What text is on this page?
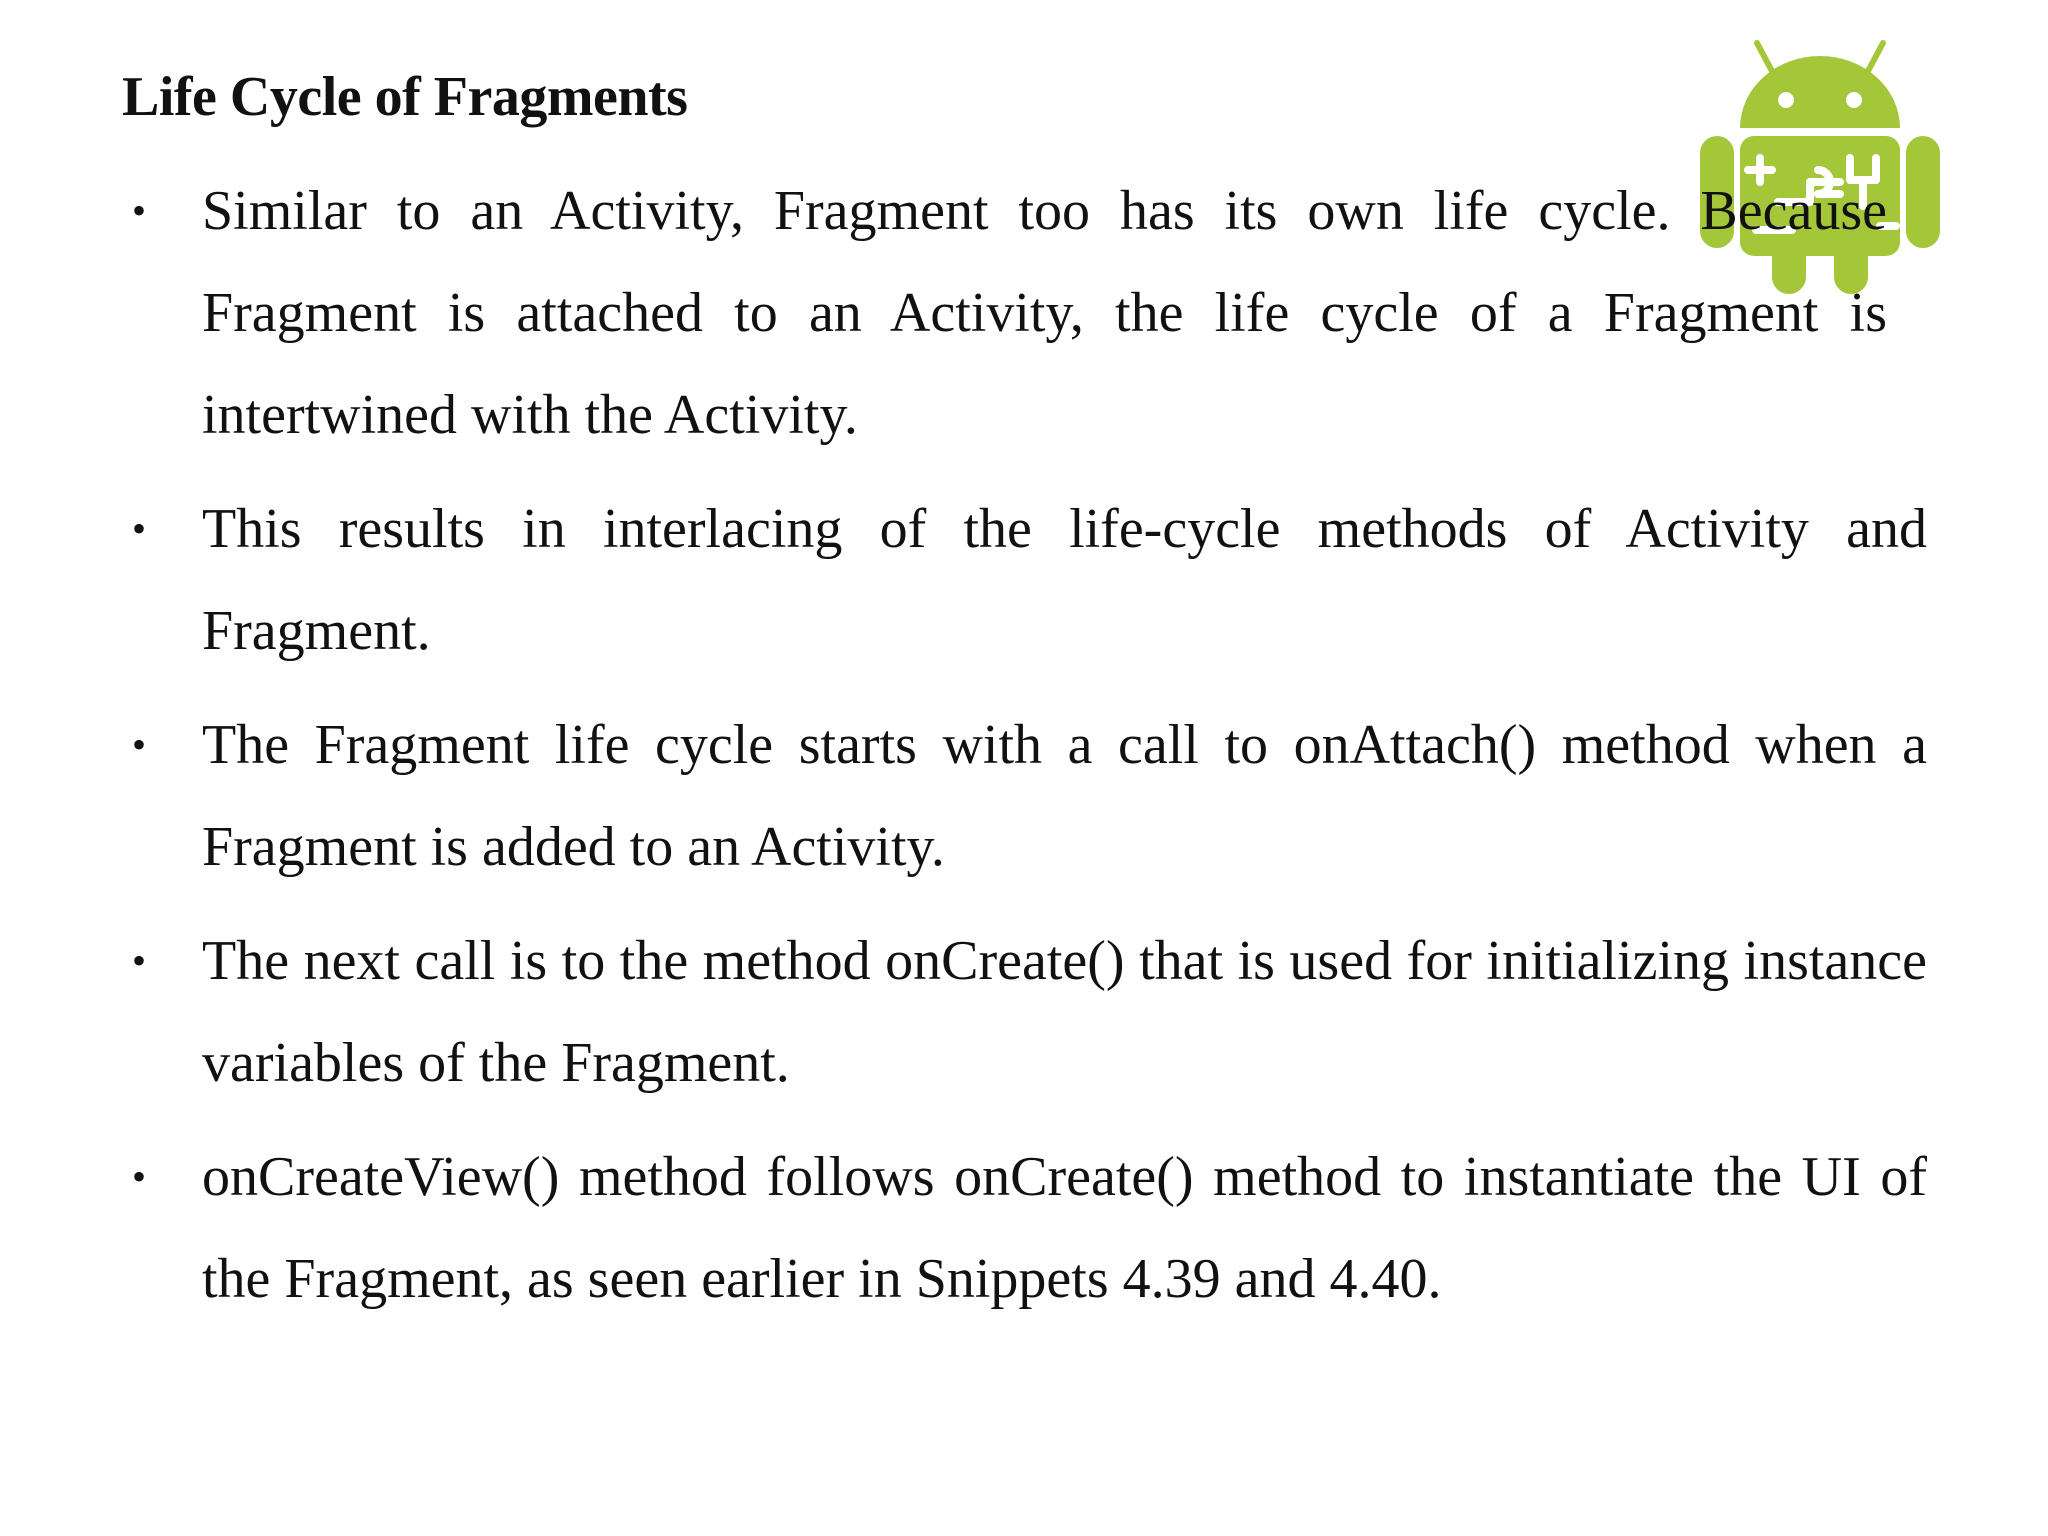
Life Cycle of Fragments
• Similar to an Activity, Fragment too has its own life cycle. Because Fragment is attached to an Activity, the life cycle of a Fragment is intertwined with the Activity.
• This results in interlacing of the life-cycle methods of Activity and Fragment.
• The Fragment life cycle starts with a call to onAttach() method when a Fragment is added to an Activity.
• The next call is to the method onCreate() that is used for initializing instance variables of the Fragment.
• onCreateView() method follows onCreate() method to instantiate the UI of the Fragment, as seen earlier in Snippets 4.39 and 4.40.
